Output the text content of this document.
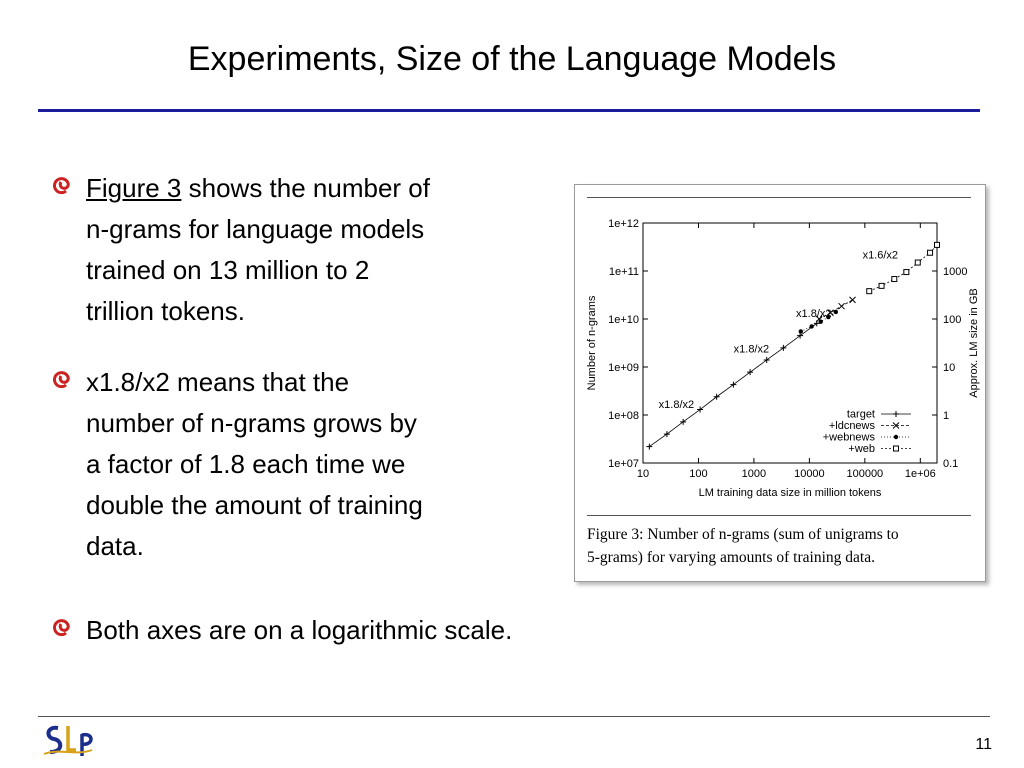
Experiments, Size of the Language Models
Figure 3 shows the number of
n-grams for language models
trained on 13 million to 2
trillion tokens.
x1.8/x2 means that the
number of n-grams grows by
a factor of 1.8 each time we
double the amount of training
data.
Both axes are on a logarithmic scale.
10	100	1000	10000 100000 1e+06
1e+07
1e+08
1e+09
1e+10
1e+11
1e+12
0.1
1
10
100
1000
LM training data size in million tokens
Number of n-grams	Approx. LM size in GB
x1.8/x2
x1.8/x2
x1.8/x2
x1.6/x2
target
+ldcnews
+webnews
+web
Figure 3: Number of n-grams (sum of unigrams to
5-grams) for varying amounts of training data.
11
